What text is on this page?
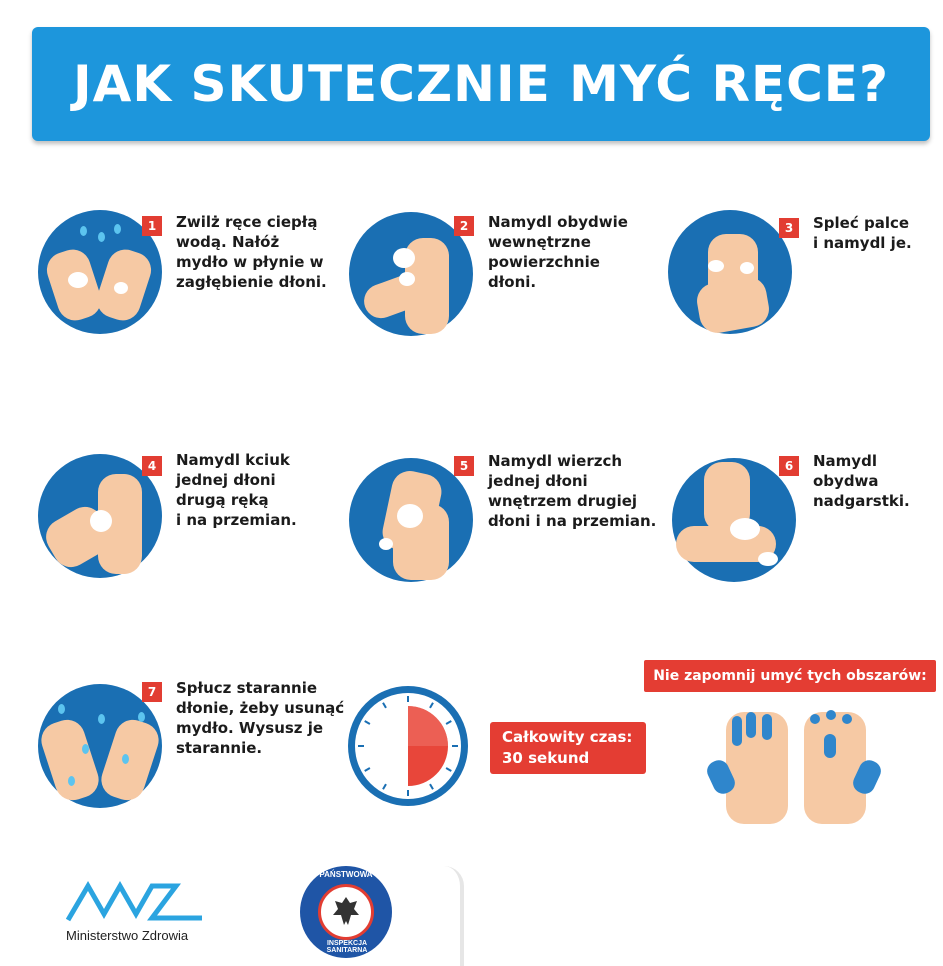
JAK SKUTECZNIE MYĆ RĘCE?
1	Zwilż ręce ciepłą
wodą. Nałóż
mydło w płynie w
zagłębienie dłoni.
2	Namydl obydwie
wewnętrzne
powierzchnie
dłoni.
3	Spleć palce
i namydl je.
4	Namydl kciuk
jednej dłoni
drugą ręką
i na przemian.
5	Namydl wierzch
jednej dłoni
wnętrzem drugiej
dłoni i na przemian.
6	Namydl
obydwa
nadgarstki.
7	Spłucz starannie
dłonie, żeby usunąć
mydło. Wysusz je
starannie.
Całkowity czas:
30 sekund
Nie zapomnij umyć tych obszarów:
Ministerstwo Zdrowia
PAŃSTWOWA
INSPEKCJA SANITARNA
